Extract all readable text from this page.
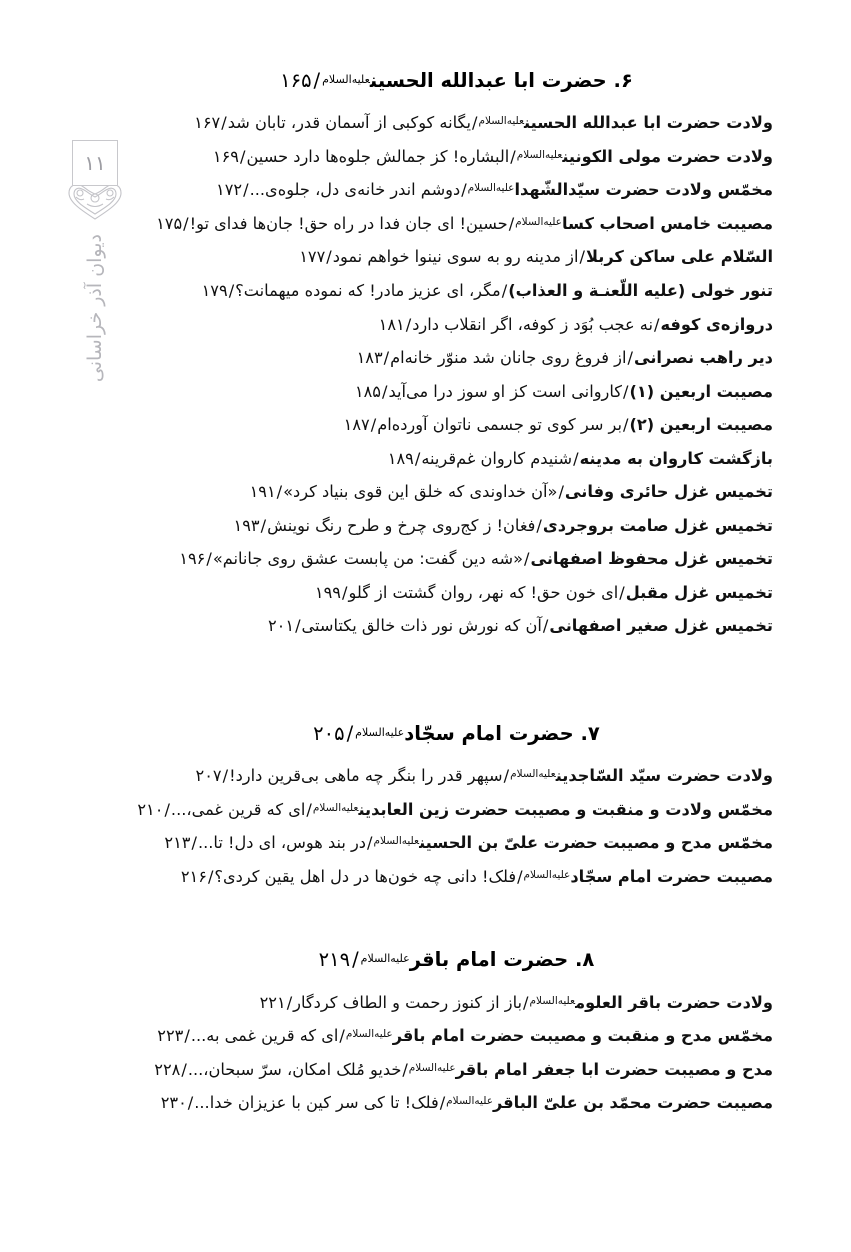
۱۱
دیوان آذر خراسانی
۶. حضرت ابا عبدالله الحسین$^{علیه‌السلام}$/۱۶۵
ولادت حضرت ابا عبدالله الحسین$^{علیه‌السلام}$/یگانه کوکبی از آسمان قدر، تابان شد/۱۶۷
ولادت حضرت مولی الکونین$^{علیه‌السلام}$/البشاره! کز جمالش جلوه‌ها دارد حسین/۱۶۹
مخمّس ولادت حضرت سیّدالشّهدا$^{علیه‌السلام}$/دوشم اندر خانه‌ی دل، جلوه‌ی.../۱۷۲
مصیبت خامس اصحاب کسا$^{علیه‌السلام}$/حسین! ای جان فدا در راه حق! جان‌ها فدای تو!/۱۷۵
السّلام علی ساکن کربلا/از مدینه رو به سوی نینوا خواهم نمود/۱۷۷
تنور خولی (علیه اللّعنـة و العذاب)/مگر، ای عزیز مادر! که نموده میهمانت؟/۱۷۹
دروازه‌ی کوفه/نه عجب بُوَد ز کوفه، اگر انقلاب دارد/۱۸۱
دیر راهب نصرانی/از فروغ روی جانان شد منوّر خانه‌ام/۱۸۳
مصیبت اربعین (۱)/کاروانی است کز او سوز درا می‌آید/۱۸۵
مصیبت اربعین (۲)/بر سر کوی تو جسمی ناتوان آورده‌ام/۱۸۷
بازگشت کاروان به مدینه/شنیدم کاروان غم‌قرینه/۱۸۹
تخمیس غزل حائری وفانی/«آن خداوندی که خلق این قوی بنیاد کرد»/۱۹۱
تخمیس غزل صامت بروجردی/فغان! ز کج‌روی چرخ و طرح رنگ نوینش/۱۹۳
تخمیس غزل محفوظ اصفهانی/«شه دین گفت: من پابست عشق روی جانانم»/۱۹۶
تخمیس غزل مقبل/ای خون حق! که نهر، روان گشتت از گلو/۱۹۹
تخمیس غزل صغیر اصفهانی/آن که نورش نور ذات خالق یکتاستی/۲۰۱
۷. حضرت امام سجّاد$^{علیه‌السلام}$/۲۰۵
ولادت حضرت سیّد السّاجدین$^{علیه‌السلام}$/سپهر قدر را بنگر چه ماهی بی‌قرین دارد!/۲۰۷
مخمّس ولادت و منقبت و مصیبت حضرت زین العابدین$^{علیه‌السلام}$/ای که قرین غمی،.../۲۱۰
مخمّس مدح و مصیبت حضرت علیّ بن الحسین$^{علیه‌السلام}$/در بند هوس، ای دل! تا.../۲۱۳
مصیبت حضرت امام سجّاد$^{علیه‌السلام}$/فلک! دانی چه خون‌ها در دل اهل یقین کردی؟/۲۱۶
۸. حضرت امام باقر$^{علیه‌السلام}$/۲۱۹
ولادت حضرت باقر العلوم$^{علیه‌السلام}$/باز از کنوز رحمت و الطاف کردگار/۲۲۱
مخمّس مدح و منقبت و مصیبت حضرت امام باقر$^{علیه‌السلام}$/ای که قرین غمی به.../۲۲۳
مدح و مصیبت حضرت ابا جعفر امام باقر$^{علیه‌السلام}$/خدیو مُلک امکان، سرّ سبحان،.../۲۲۸
مصیبت حضرت محمّد بن علیّ الباقر$^{علیه‌السلام}$/فلک! تا کی سر کین با عزیزان خدا.../۲۳۰
